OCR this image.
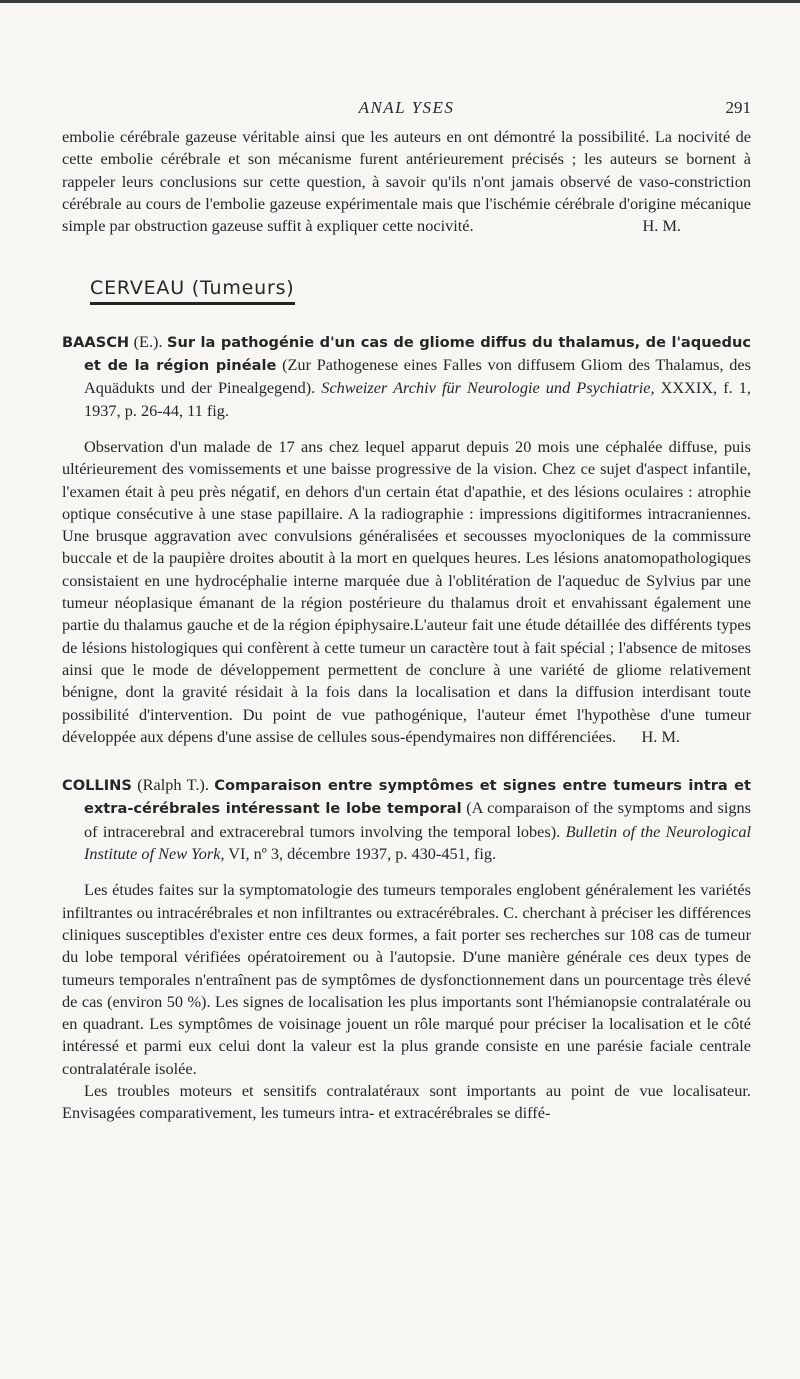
ANAL YSES	291

embolie cérébrale gazeuse véritable ainsi que les auteurs en ont démontré la possibilité. La nocivité de cette embolie cérébrale et son mécanisme furent antérieurement précisés ; les auteurs se bornent à rappeler leurs conclusions sur cette question, à savoir qu'ils n'ont jamais observé de vaso-constriction cérébrale au cours de l'embolie gazeuse expérimentale mais que l'ischémie cérébrale d'origine mécanique simple par obstruction gazeuse suffit à expliquer cette nocivité.	H. M.
CERVEAU (Tumeurs)

BAASCH (E.). Sur la pathogénie d'un cas de gliome diffus du thalamus, de l'aqueduc et de la région pinéale (Zur Pathogenese eines Falles von diffusem Gliom des Thalamus, des Aquädukts und der Pinealgegend). Schweizer Archiv für Neurologie und Psychiatrie, XXXIX, f. 1, 1937, p. 26-44, 11 fig.

Observation d'un malade de 17 ans chez lequel apparut depuis 20 mois une céphalée diffuse, puis ultérieurement des vomissements et une baisse progressive de la vision. Chez ce sujet d'aspect infantile, l'examen était à peu près négatif, en dehors d'un certain état d'apathie, et des lésions oculaires : atrophie optique consécutive à une stase papillaire. A la radiographie : impressions digitiformes intracraniennes. Une brusque aggravation avec convulsions généralisées et secousses myocloniques de la commissure buccale et de la paupière droites aboutit à la mort en quelques heures. Les lésions anatomopathologiques consistaient en une hydrocéphalie interne marquée due à l'oblitération de l'aqueduc de Sylvius par une tumeur néoplasique émanant de la région postérieure du thalamus droit et envahissant également une partie du thalamus gauche et de la région épiphysaire.L'auteur fait une étude détaillée des différents types de lésions histologiques qui confèrent à cette tumeur un caractère tout à fait spécial ; l'absence de mitoses ainsi que le mode de développement permettent de conclure à une variété de gliome relativement bénigne, dont la gravité résidait à la fois dans la localisation et dans la diffusion interdisant toute possibilité d'intervention. Du point de vue pathogénique, l'auteur émet l'hypothèse d'une tumeur développée aux dépens d'une assise de cellules sous-épendymaires non différenciées.	H. M.

COLLINS (Ralph T.). Comparaison entre symptômes et signes entre tumeurs intra et extra-cérébrales intéressant le lobe temporal (A comparaison of the symptoms and signs of intracerebral and extracerebral tumors involving the temporal lobes). Bulletin of the Neurological Institute of New York, VI, nº 3, décembre 1937, p. 430-451, fig.

Les études faites sur la symptomatologie des tumeurs temporales englobent généralement les variétés infiltrantes ou intracérébrales et non infiltrantes ou extracérébrales. C. cherchant à préciser les différences cliniques susceptibles d'exister entre ces deux formes, a fait porter ses recherches sur 108 cas de tumeur du lobe temporal vérifiées opératoirement ou à l'autopsie. D'une manière générale ces deux types de tumeurs temporales n'entraînent pas de symptômes de dysfonctionnement dans un pourcentage très élevé de cas (environ 50 %). Les signes de localisation les plus importants sont l'hémianopsie contralatérale ou en quadrant. Les symptômes de voisinage jouent un rôle marqué pour préciser la localisation et le côté intéressé et parmi eux celui dont la valeur est la plus grande consiste en une parésie faciale centrale contralatérale isolée.

Les troubles moteurs et sensitifs contralatéraux sont importants au point de vue localisateur. Envisagées comparativement, les tumeurs intra- et extracérébrales se diffé-
